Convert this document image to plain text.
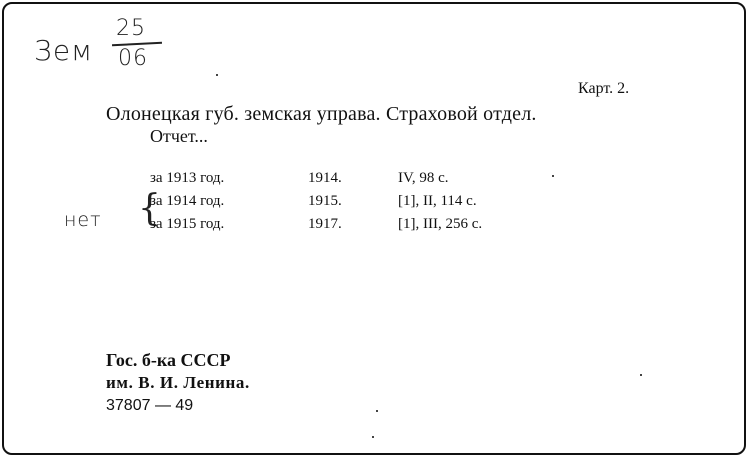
Зем
25
06
Карт. 2.
Олонецкая губ. земская управа. Страховой отдел.
Отчет...
нет {
за 1913 год.	1914.	IV, 98 с.
за 1914 год.	1915.	[1], II, 114 с.
за 1915 год.	1917.	[1], III, 256 с.
Гос. б-ка СССР
им. В. И. Ленина.
37807 — 49
